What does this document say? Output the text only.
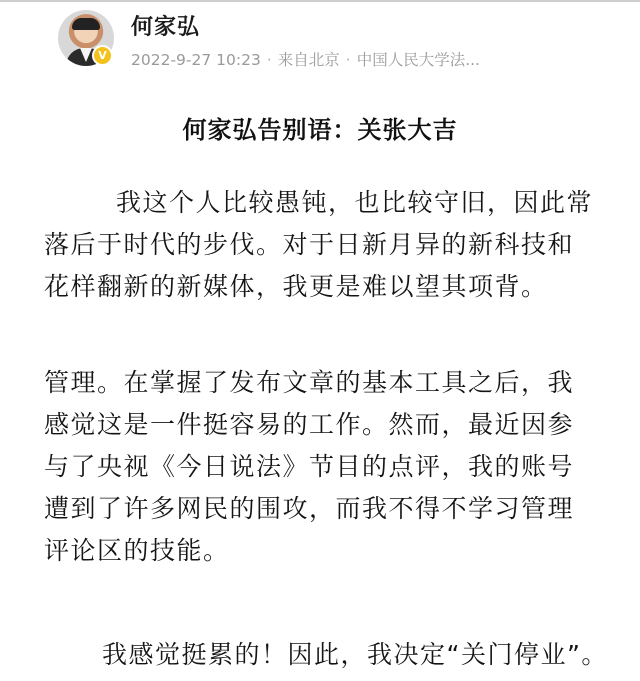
V
何家弘
2022-9-27 10:23 · 来自北京 · 中国人民大学法...
何家弘告别语：关张大吉
我这个人比较愚钝，也比较守旧，因此常
落后于时代的步伐。对于日新月异的新科技和
花样翻新的新媒体，我更是难以望其项背。
管理。在掌握了发布文章的基本工具之后，我
感觉这是一件挺容易的工作。然而，最近因参
与了央视《今日说法》节目的点评，我的账号
遭到了许多网民的围攻，而我不得不学习管理
评论区的技能。
我感觉挺累的！因此，我决定“关门停业”。
